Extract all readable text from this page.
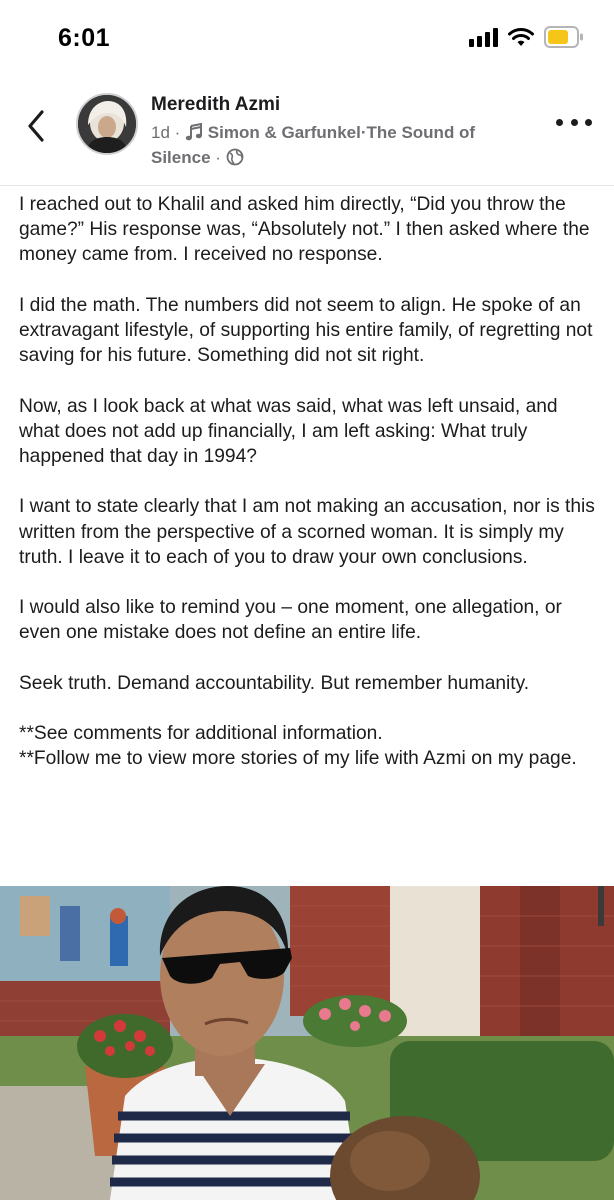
6:01
Meredith Azmi
1d · Simon & Garfunkel·The Sound of
Silence ·

I reached out to Khalil and asked him directly, “Did you throw the game?” His response was, “Absolutely not.” I then asked where the money came from. I received no response.

I did the math. The numbers did not seem to align. He spoke of an extravagant lifestyle, of supporting his entire family, of regretting not saving for his future. Something did not sit right.

Now, as I look back at what was said, what was left unsaid, and what does not add up financially, I am left asking: What truly happened that day in 1994?

I want to state clearly that I am not making an accusation, nor is this written from the perspective of a scorned woman. It is simply my truth. I leave it to each of you to draw your own conclusions.

I would also like to remind you – one moment, one allegation, or even one mistake does not define an entire life.

Seek truth. Demand accountability. But remember humanity.

**See comments for additional information.

**Follow me to view more stories of my life with Azmi on my page.
